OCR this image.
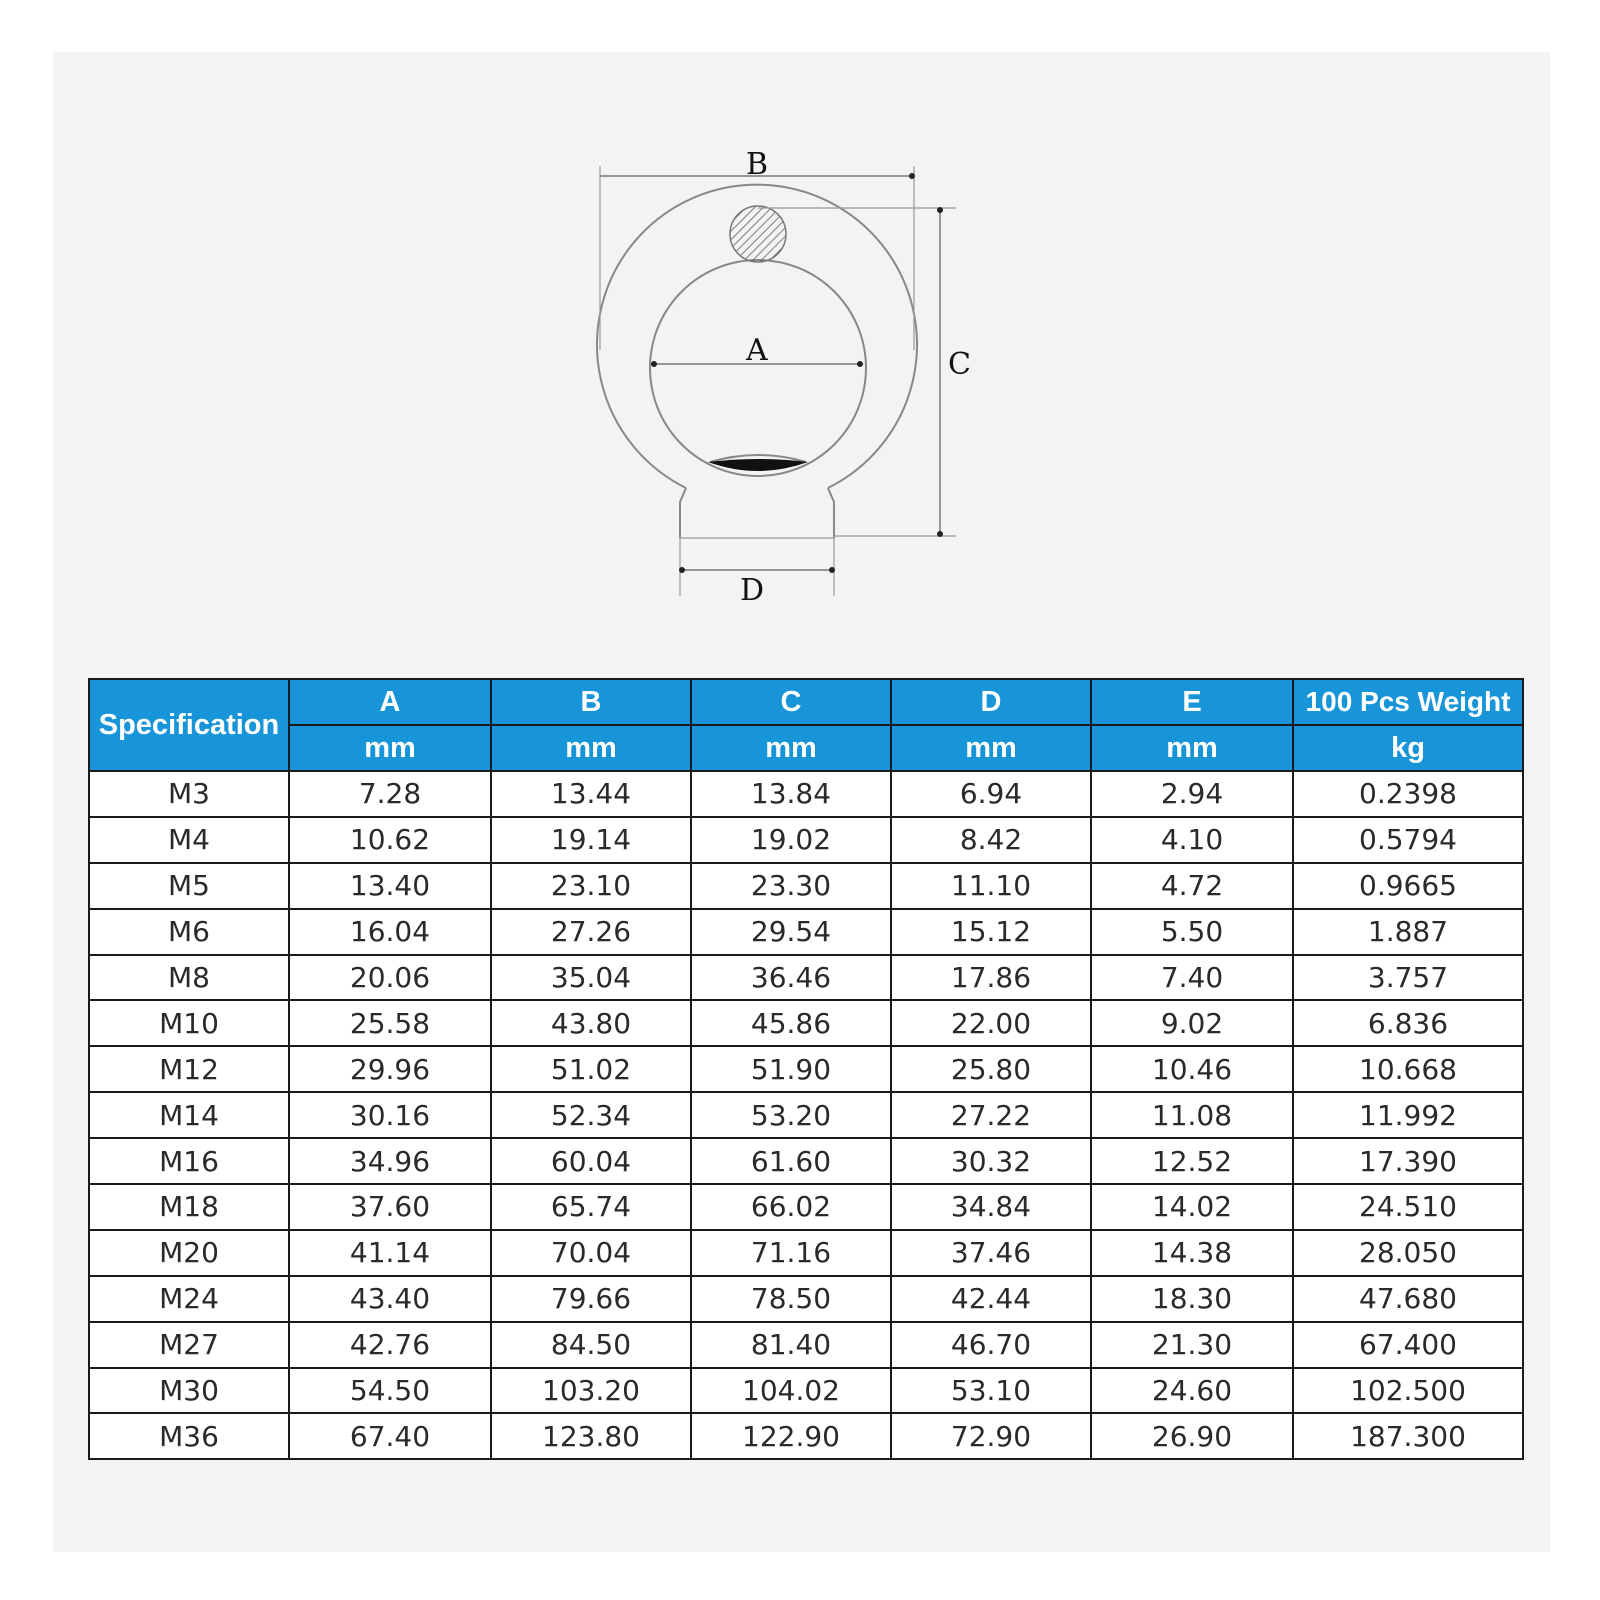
B
A	C
D
Specification	A	B	C	D	E	100 Pcs Weight
	mm	mm	mm	mm	mm	kg
M3	7.28	13.44	13.84	6.94	2.94	0.2398
M4	10.62	19.14	19.02	8.42	4.10	0.5794
M5	13.40	23.10	23.30	11.10	4.72	0.9665
M6	16.04	27.26	29.54	15.12	5.50	1.887
M8	20.06	35.04	36.46	17.86	7.40	3.757
M10	25.58	43.80	45.86	22.00	9.02	6.836
M12	29.96	51.02	51.90	25.80	10.46	10.668
M14	30.16	52.34	53.20	27.22	11.08	11.992
M16	34.96	60.04	61.60	30.32	12.52	17.390
M18	37.60	65.74	66.02	34.84	14.02	24.510
M20	41.14	70.04	71.16	37.46	14.38	28.050
M24	43.40	79.66	78.50	42.44	18.30	47.680
M27	42.76	84.50	81.40	46.70	21.30	67.400
M30	54.50	103.20	104.02	53.10	24.60	102.500
M36	67.40	123.80	122.90	72.90	26.90	187.300
